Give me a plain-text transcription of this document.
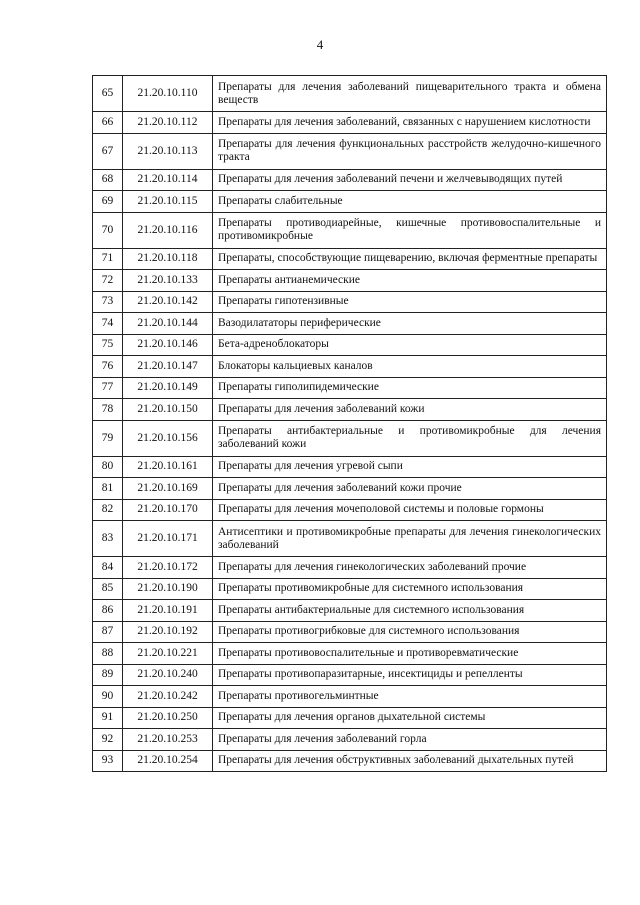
4
65	21.20.10.110	Препараты для лечения заболеваний пищеварительного тракта и обмена веществ
66	21.20.10.112	Препараты для лечения заболеваний, связанных с нарушением кислотности
67	21.20.10.113	Препараты для лечения функциональных расстройств желудочно-кишечного тракта
68	21.20.10.114	Препараты для лечения заболеваний печени и желчевыводящих путей
69	21.20.10.115	Препараты слабительные
70	21.20.10.116	Препараты противодиарейные, кишечные противовоспалительные и противомикробные
71	21.20.10.118	Препараты, способствующие пищеварению, включая ферментные препараты
72	21.20.10.133	Препараты антианемические
73	21.20.10.142	Препараты гипотензивные
74	21.20.10.144	Вазодилататоры периферические
75	21.20.10.146	Бета-адреноблокаторы
76	21.20.10.147	Блокаторы кальциевых каналов
77	21.20.10.149	Препараты гиполипидемические
78	21.20.10.150	Препараты для лечения заболеваний кожи
79	21.20.10.156	Препараты антибактериальные и противомикробные для лечения заболеваний кожи
80	21.20.10.161	Препараты для лечения угревой сыпи
81	21.20.10.169	Препараты для лечения заболеваний кожи прочие
82	21.20.10.170	Препараты для лечения мочеполовой системы и половые гормоны
83	21.20.10.171	Антисептики и противомикробные препараты для лечения гинекологических заболеваний
84	21.20.10.172	Препараты для лечения гинекологических заболеваний прочие
85	21.20.10.190	Препараты противомикробные для системного использования
86	21.20.10.191	Препараты антибактериальные для системного использования
87	21.20.10.192	Препараты противогрибковые для системного использования
88	21.20.10.221	Препараты противовоспалительные и противоревматические
89	21.20.10.240	Препараты противопаразитарные, инсектициды и репелленты
90	21.20.10.242	Препараты противогельминтные
91	21.20.10.250	Препараты для лечения органов дыхательной системы
92	21.20.10.253	Препараты для лечения заболеваний горла
93	21.20.10.254	Препараты для лечения обструктивных заболеваний дыхательных путей
